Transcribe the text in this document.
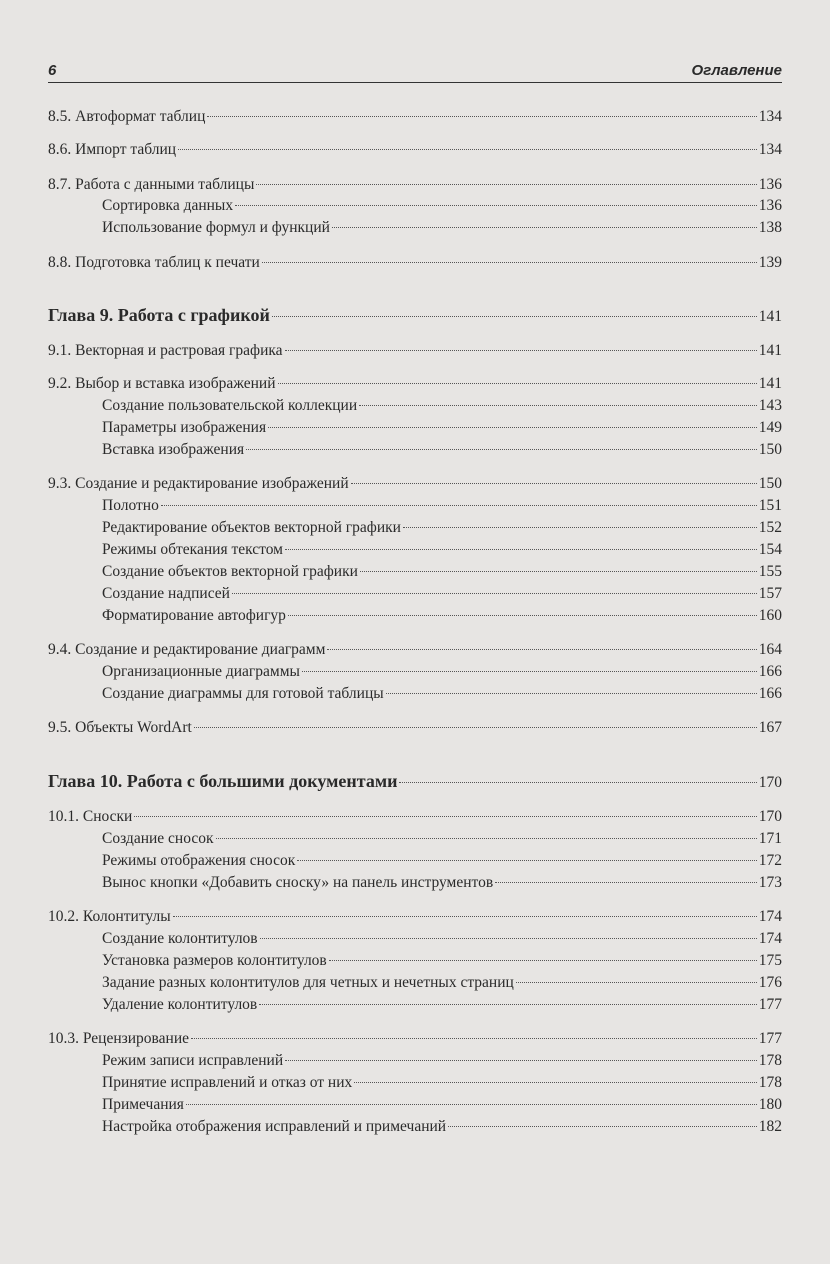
6	Оглавление
8.5. Автоформат таблиц	134
8.6. Импорт таблиц	134
8.7. Работа с данными таблицы	136
Сортировка данных	136
Использование формул и функций	138
8.8. Подготовка таблиц к печати	139
Глава 9. Работа с графикой	141
9.1. Векторная и растровая графика	141
9.2. Выбор и вставка изображений	141
Создание пользовательской коллекции	143
Параметры изображения	149
Вставка изображения	150
9.3. Создание и редактирование изображений	150
Полотно	151
Редактирование объектов векторной графики	152
Режимы обтекания текстом	154
Создание объектов векторной графики	155
Создание надписей	157
Форматирование автофигур	160
9.4. Создание и редактирование диаграмм	164
Организационные диаграммы	166
Создание диаграммы для готовой таблицы	166
9.5. Объекты WordArt	167
Глава 10. Работа с большими документами	170
10.1. Сноски	170
Создание сносок	171
Режимы отображения сносок	172
Вынос кнопки «Добавить сноску» на панель инструментов	173
10.2. Колонтитулы	174
Создание колонтитулов	174
Установка размеров колонтитулов	175
Задание разных колонтитулов для четных и нечетных страниц	176
Удаление колонтитулов	177
10.3. Рецензирование	177
Режим записи исправлений	178
Принятие исправлений и отказ от них	178
Примечания	180
Настройка отображения исправлений и примечаний	182
